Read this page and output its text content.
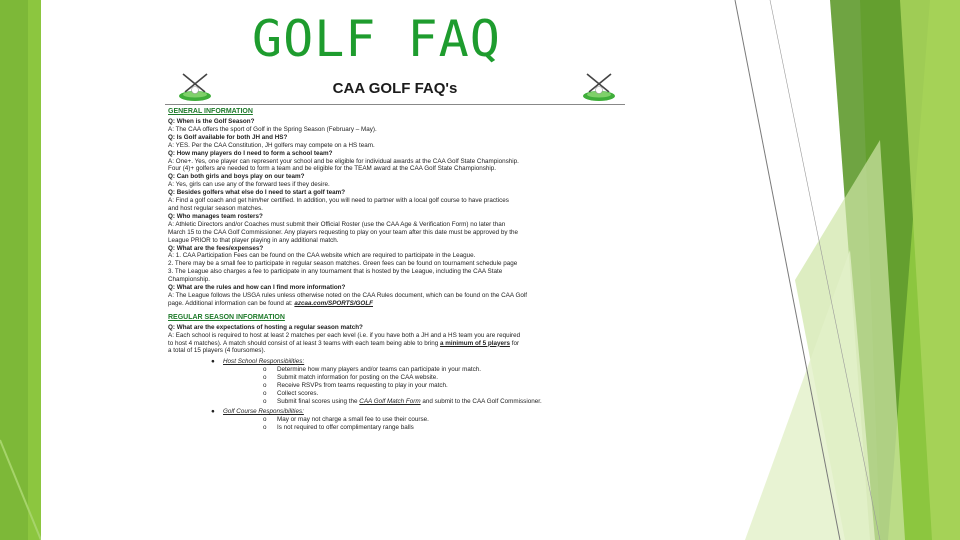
GOLF FAQ
CAA GOLF FAQ's
GENERAL INFORMATION
Q: When is the Golf Season?
A: The CAA offers the sport of Golf in the Spring Season (February – May).
Q: Is Golf available for both JH and HS?
A: YES. Per the CAA Constitution, JH golfers may compete on a HS team.
Q: How many players do I need to form a school team?
A: One+. Yes, one player can represent your school and be eligible for individual awards at the CAA Golf State Championship.
Four (4)+ golfers are needed to form a team and be eligible for the TEAM award at the CAA Golf State Championship.
Q: Can both girls and boys play on our team?
A: Yes, girls can use any of the forward tees if they desire.
Q: Besides golfers what else do I need to start a golf team?
A: Find a golf coach and get him/her certified. In addition, you will need to partner with a local golf course to have practices
and host regular season matches.
Q: Who manages team rosters?
A: Athletic Directors and/or Coaches must submit their Official Roster (use the CAA Age & Verification Form) no later than
March 15 to the CAA Golf Commissioner. Any players requesting to play on your team after this date must be approved by the
League PRIOR to that player playing in any additional match.
Q: What are the fees/expenses?
A: 1. CAA Participation Fees can be found on the CAA website which are required to participate in the League.
2. There may be a small fee to participate in regular season matches. Green fees can be found on tournament schedule page
3. The League also charges a fee to participate in any tournament that is hosted by the League, including the CAA State
Championship.
Q: What are the rules and how can I find more information?
A: The League follows the USGA rules unless otherwise noted on the CAA Rules document, which can be found on the CAA Golf
page. Additional information can be found at: azcaa.com/SPORTS/GOLF
REGULAR SEASON INFORMATION
Q: What are the expectations of hosting a regular season match?
A: Each school is required to host at least 2 matches per each level (i.e. if you have both a JH and a HS team you are required
to host 4 matches). A match should consist of at least 3 teams with each team being able to bring a minimum of 5 players for
a total of 15 players (4 foursomes).
● Host School Responsibilities:
o Determine how many players and/or teams can participate in your match.
o Submit match information for posting on the CAA website.
o Receive RSVPs from teams requesting to play in your match.
o Collect scores.
o Submit final scores using the CAA Golf Match Form and submit to the CAA Golf Commissioner.
● Golf Course Responsibilities:
o May or may not charge a small fee to use their course.
o Is not required to offer complimentary range balls
